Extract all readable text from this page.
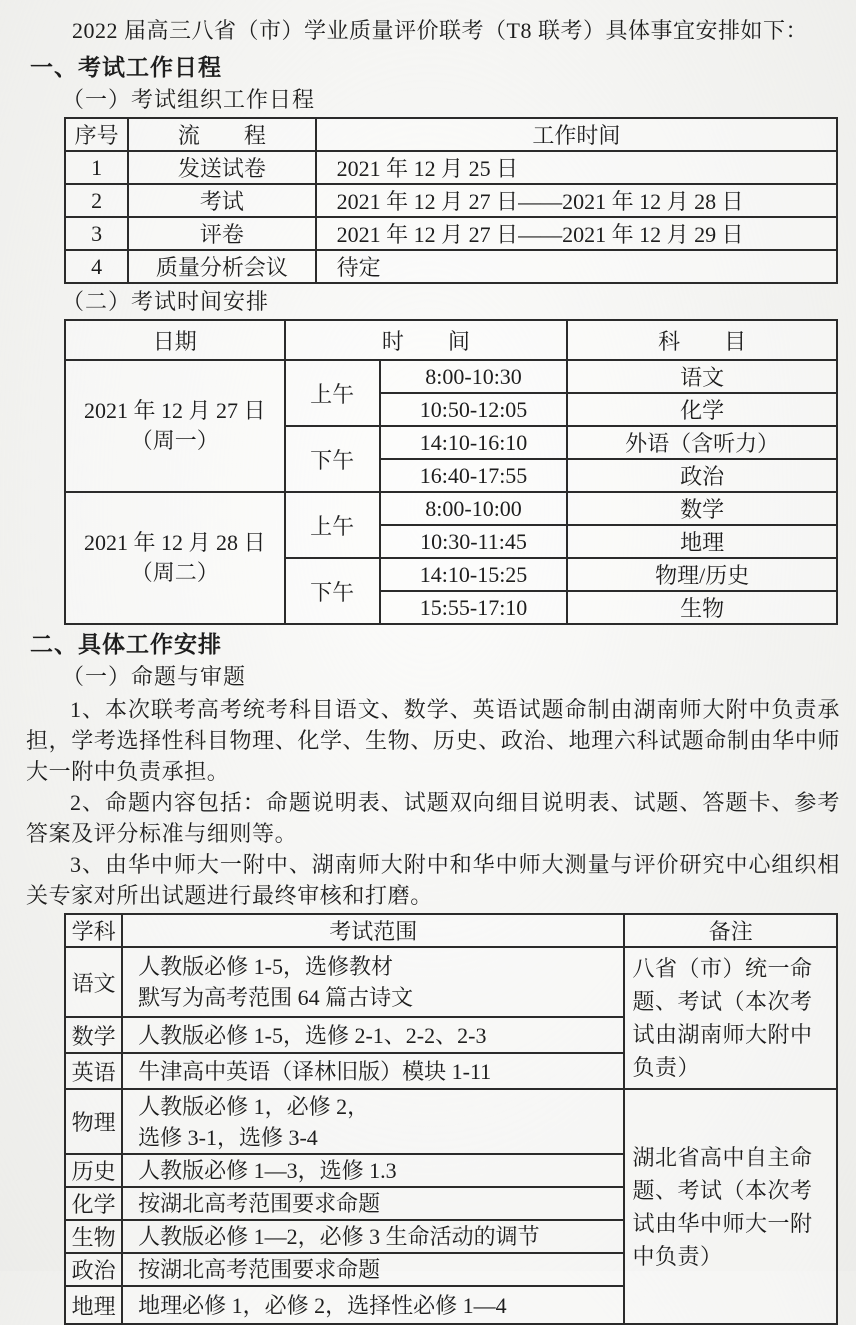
2022 届高三八省（市）学业质量评价联考（T8 联考）具体事宜安排如下：

一、考试工作日程
（一）考试组织工作日程
序号	流　　程	工作时间
1	发送试卷	2021 年 12 月 25 日
2	考试	2021 年 12 月 27 日——2021 年 12 月 28 日
3	评卷	2021 年 12 月 27 日——2021 年 12 月 29 日
4	质量分析会议	待定
（二）考试时间安排
日期	时　　间		科　　目

2021 年 12 月 27 日
（周一）	上午	8:00-10:30	语文
		10:50-12:05	化学
	下午	14:10-16:10	外语（含听力）
		16:40-17:55	政治

2021 年 12 月 28 日
（周二）	上午	8:00-10:00	数学
		10:30-11:45	地理
	下午	14:10-15:25	物理/历史
		15:55-17:10	生物
二、具体工作安排
（一）命题与审题

1、本次联考高考统考科目语文、数学、英语试题命制由湖南师大附中负责承担，学考选择性科目物理、化学、生物、历史、政治、地理六科试题命制由华中师大一附中负责承担。

2、命题内容包括：命题说明表、试题双向细目说明表、试题、答题卡、参考答案及评分标准与细则等。

3、由华中师大一附中、湖南师大附中和华中师大测量与评价研究中心组织相关专家对所出试题进行最终审核和打磨。

学科	考试范围	备注
语文	人教版必修 1-5，选修教材
默写为高考范围 64 篇古诗文	八省（市）统一命题、考试（本次考试由湖南师大附中负责）
数学	人教版必修 1-5，选修 2-1、2-2、2-3	
英语	牛津高中英语（译林旧版）模块 1-11	
物理	人教版必修 1，必修 2，
选修 3-1，选修 3-4	湖北省高中自主命题、考试（本次考试由华中师大一附中负责）
历史	人教版必修 1—3，选修 1.3	
化学	按湖北高考范围要求命题	
生物	人教版必修 1—2，必修 3 生命活动的调节	
政治	按湖北高考范围要求命题	
地理	地理必修 1，必修 2，选择性必修 1—4	
